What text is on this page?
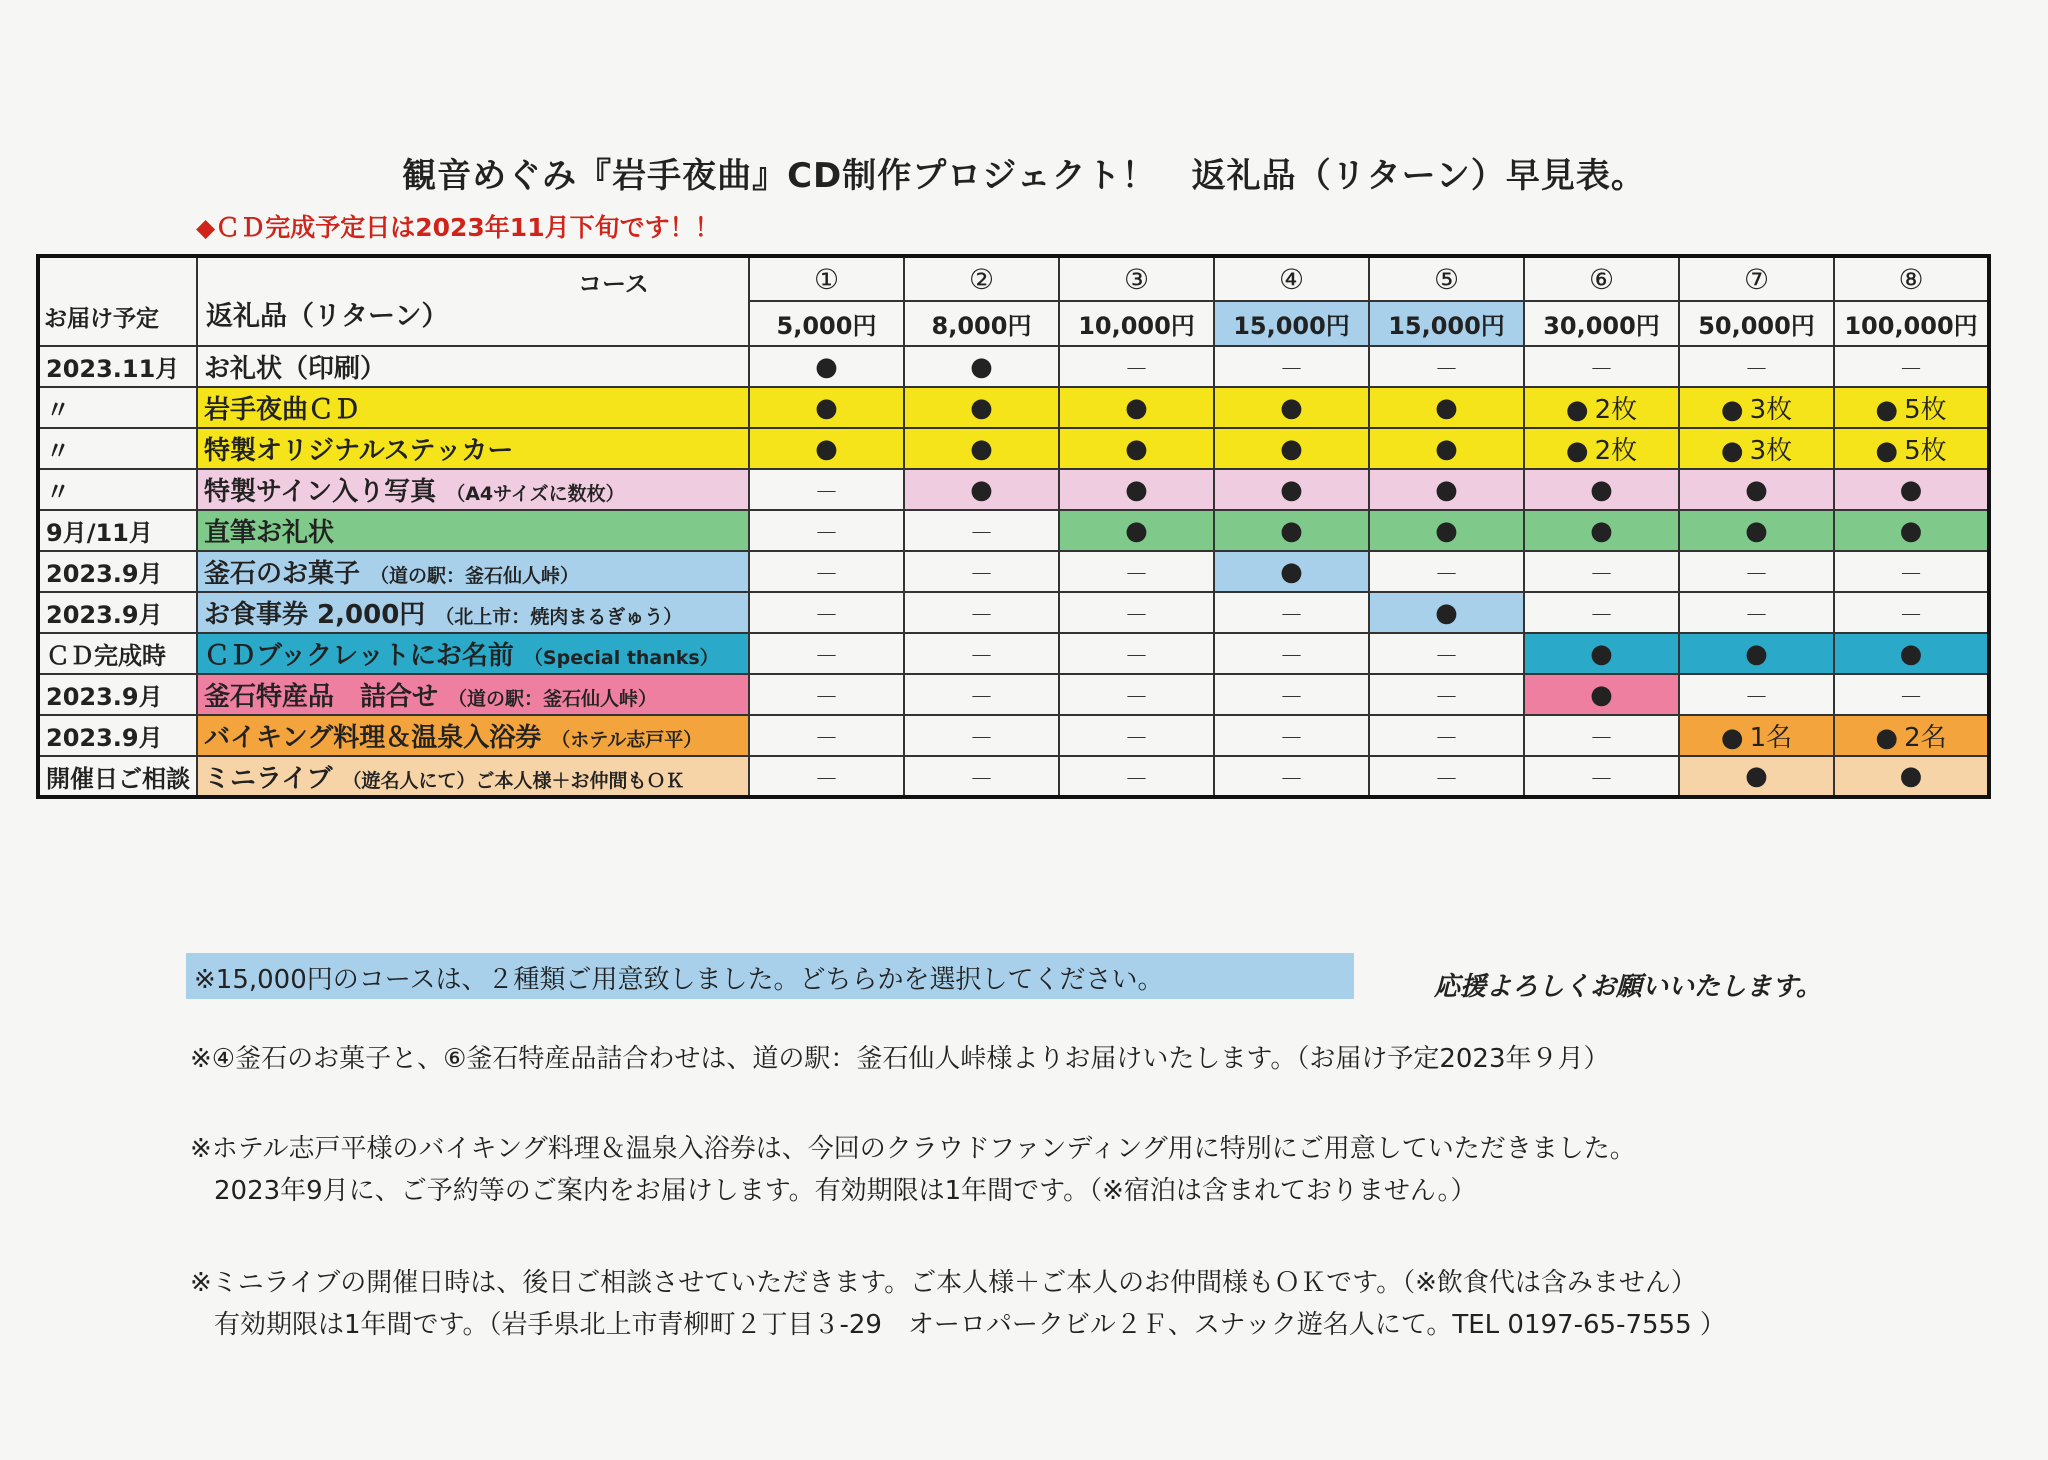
観音めぐみ『岩手夜曲』CD制作プロジェクト！　返礼品（リターン）早見表。
◆ＣＤ完成予定日は2023年11月下旬です！！
お届け予定	コース
返礼品（リターン）	①	②	③	④	⑤	⑥	⑦	⑧
		5,000円	8,000円	10,000円	15,000円	15,000円	30,000円	50,000円	100,000円
2023.11月	お礼状（印刷）	●	●	－	－	－	－	－	－
〃	岩手夜曲ＣＤ	●	●	●	●	●	● 2枚	● 3枚	● 5枚
〃	特製オリジナルステッカー	●	●	●	●	●	● 2枚	● 3枚	● 5枚
〃	特製サイン入り写真 （A4サイズに数枚）	－	●	●	●	●	●	●	●
9月/11月	直筆お礼状	－	－	●	●	●	●	●	●
2023.9月	釜石のお菓子 （道の駅：釜石仙人峠）	－	－	－	●	－	－	－	－
2023.9月	お食事券 2,000円 （北上市：焼肉まるぎゅう）	－	－	－	－	●	－	－	－
ＣＤ完成時	ＣＤブックレットにお名前 （Special thanks）	－	－	－	－	－	●	●	●
2023.9月	釜石特産品　詰合せ （道の駅：釜石仙人峠）	－	－	－	－	－	●	－	－
2023.9月	バイキング料理＆温泉入浴券 （ホテル志戸平）	－	－	－	－	－	－	● 1名	● 2名
開催日ご相談	ミニライブ （遊名人にて）ご本人様＋お仲間もＯＫ	－	－	－	－	－	－	●	●
※15,000円のコースは、２種類ご用意致しました。どちらかを選択してください。	応援よろしくお願いいたします。
※④釜石のお菓子と、⑥釜石特産品詰合わせは、道の駅：釜石仙人峠様よりお届けいたします。（お届け予定2023年９月）
※ホテル志戸平様のバイキング料理＆温泉入浴券は、今回のクラウドファンディング用に特別にご用意していただきました。
2023年9月に、ご予約等のご案内をお届けします。有効期限は1年間です。（※宿泊は含まれておりません。）
※ミニライブの開催日時は、後日ご相談させていただきます。ご本人様＋ご本人のお仲間様もＯＫです。（※飲食代は含みません）
有効期限は1年間です。（岩手県北上市青柳町２丁目３-29　オーロパークビル２Ｆ、スナック遊名人にて。TEL 0197-65-7555 ）
